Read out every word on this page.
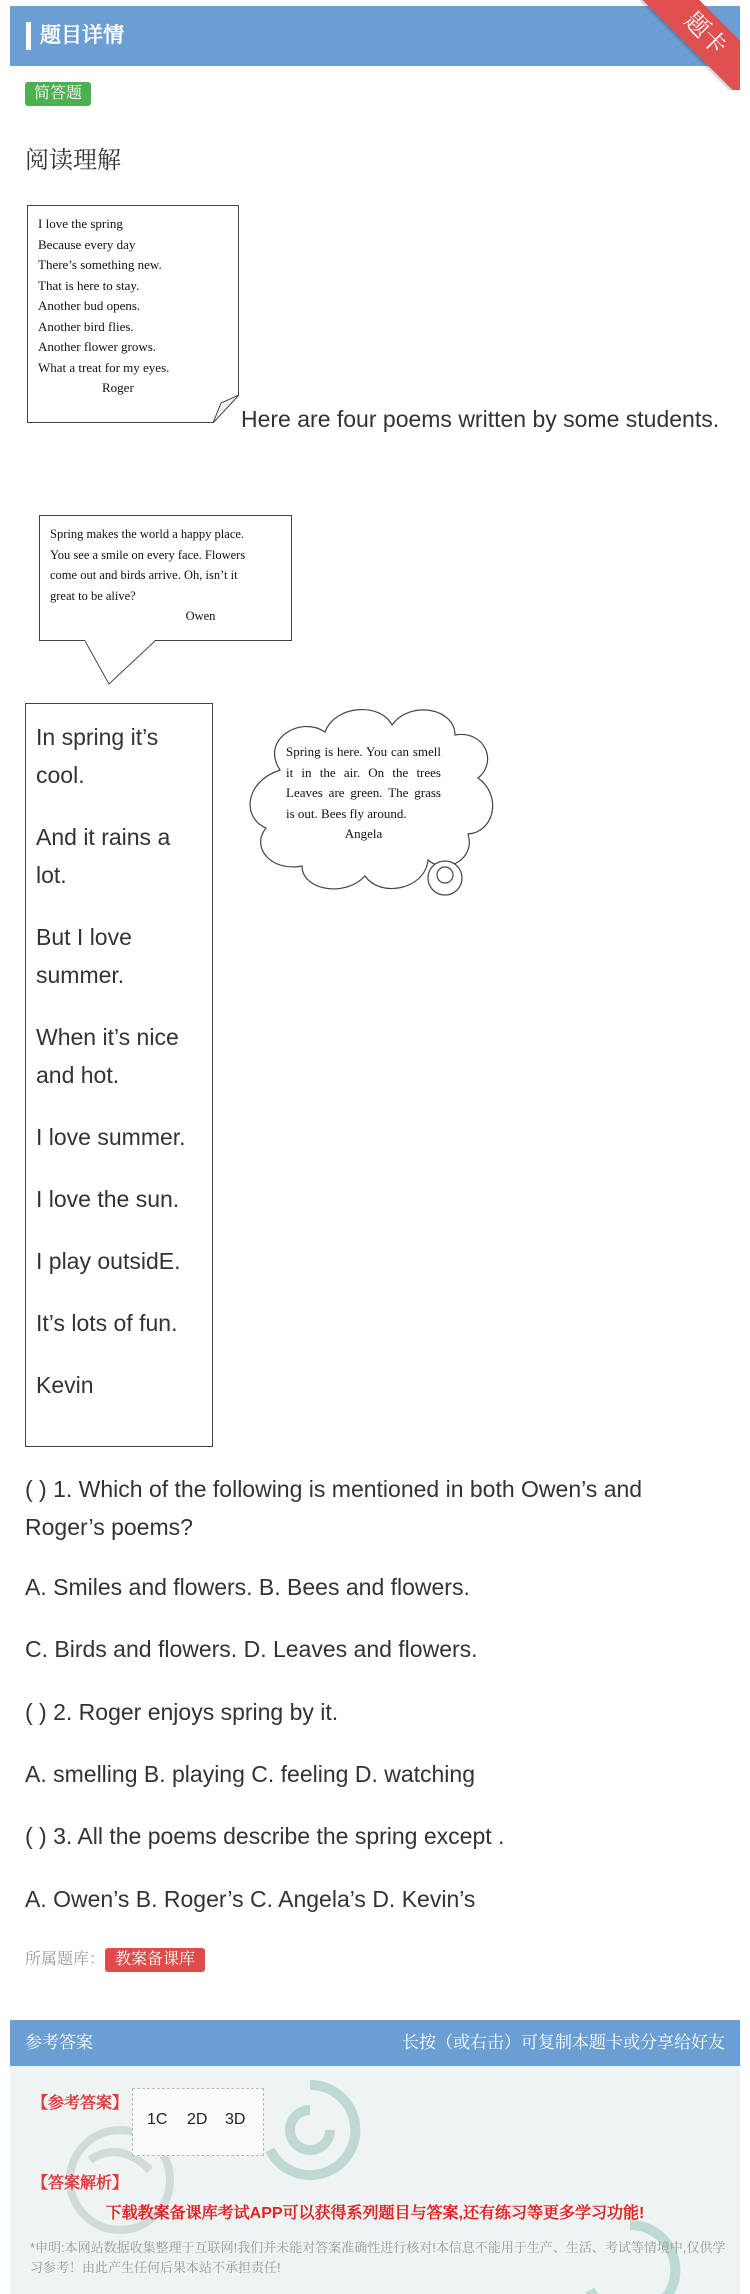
题目详情	题卡
简答题
阅读理解
I love the spring
Because every day
There’s something new.
That is here to stay.
Another bud opens.
Another bird flies.
Another flower grows.
What a treat for my eyes.
Roger
Here are four poems written by some students.
Spring makes the world a happy place.
You see a smile on every face. Flowers
come out and birds arrive. Oh, isn’t it
great to be alive?
Owen

In spring it’s cool.

And it rains a lot.

But I love summer.

When it’s nice and hot.

I love summer.

I love the sun.

I play outsidE.

It’s lots of fun.

Kevin

Spring is here. You can smell it in the air. On the trees Leaves are green. The grass is out. Bees fly around.
Angela
( ) 1. Which of the following is mentioned in both Owen’s and Roger’s poems?
A. Smiles and flowers. B. Bees and flowers.
C. Birds and flowers. D. Leaves and flowers.
( ) 2. Roger enjoys spring by it.
A. smelling B. playing C. feeling D. watching
( ) 3. All the poems describe the spring except .
A. Owen’s B. Roger’s C. Angela’s D. Kevin’s
所属题库： 教案备课库
参考答案	长按（或右击）可复制本题卡或分享给好友
【参考答案】
1C 2D 3D
【答案解析】
下载教案备课库考试APP可以获得系列题目与答案,还有练习等更多学习功能!
*申明:本网站数据收集整理于互联网!我们并未能对答案准确性进行核对!本信息不能用于生产、生活、考试等情境中,仅供学习参考！由此产生任何后果本站不承担责任!
